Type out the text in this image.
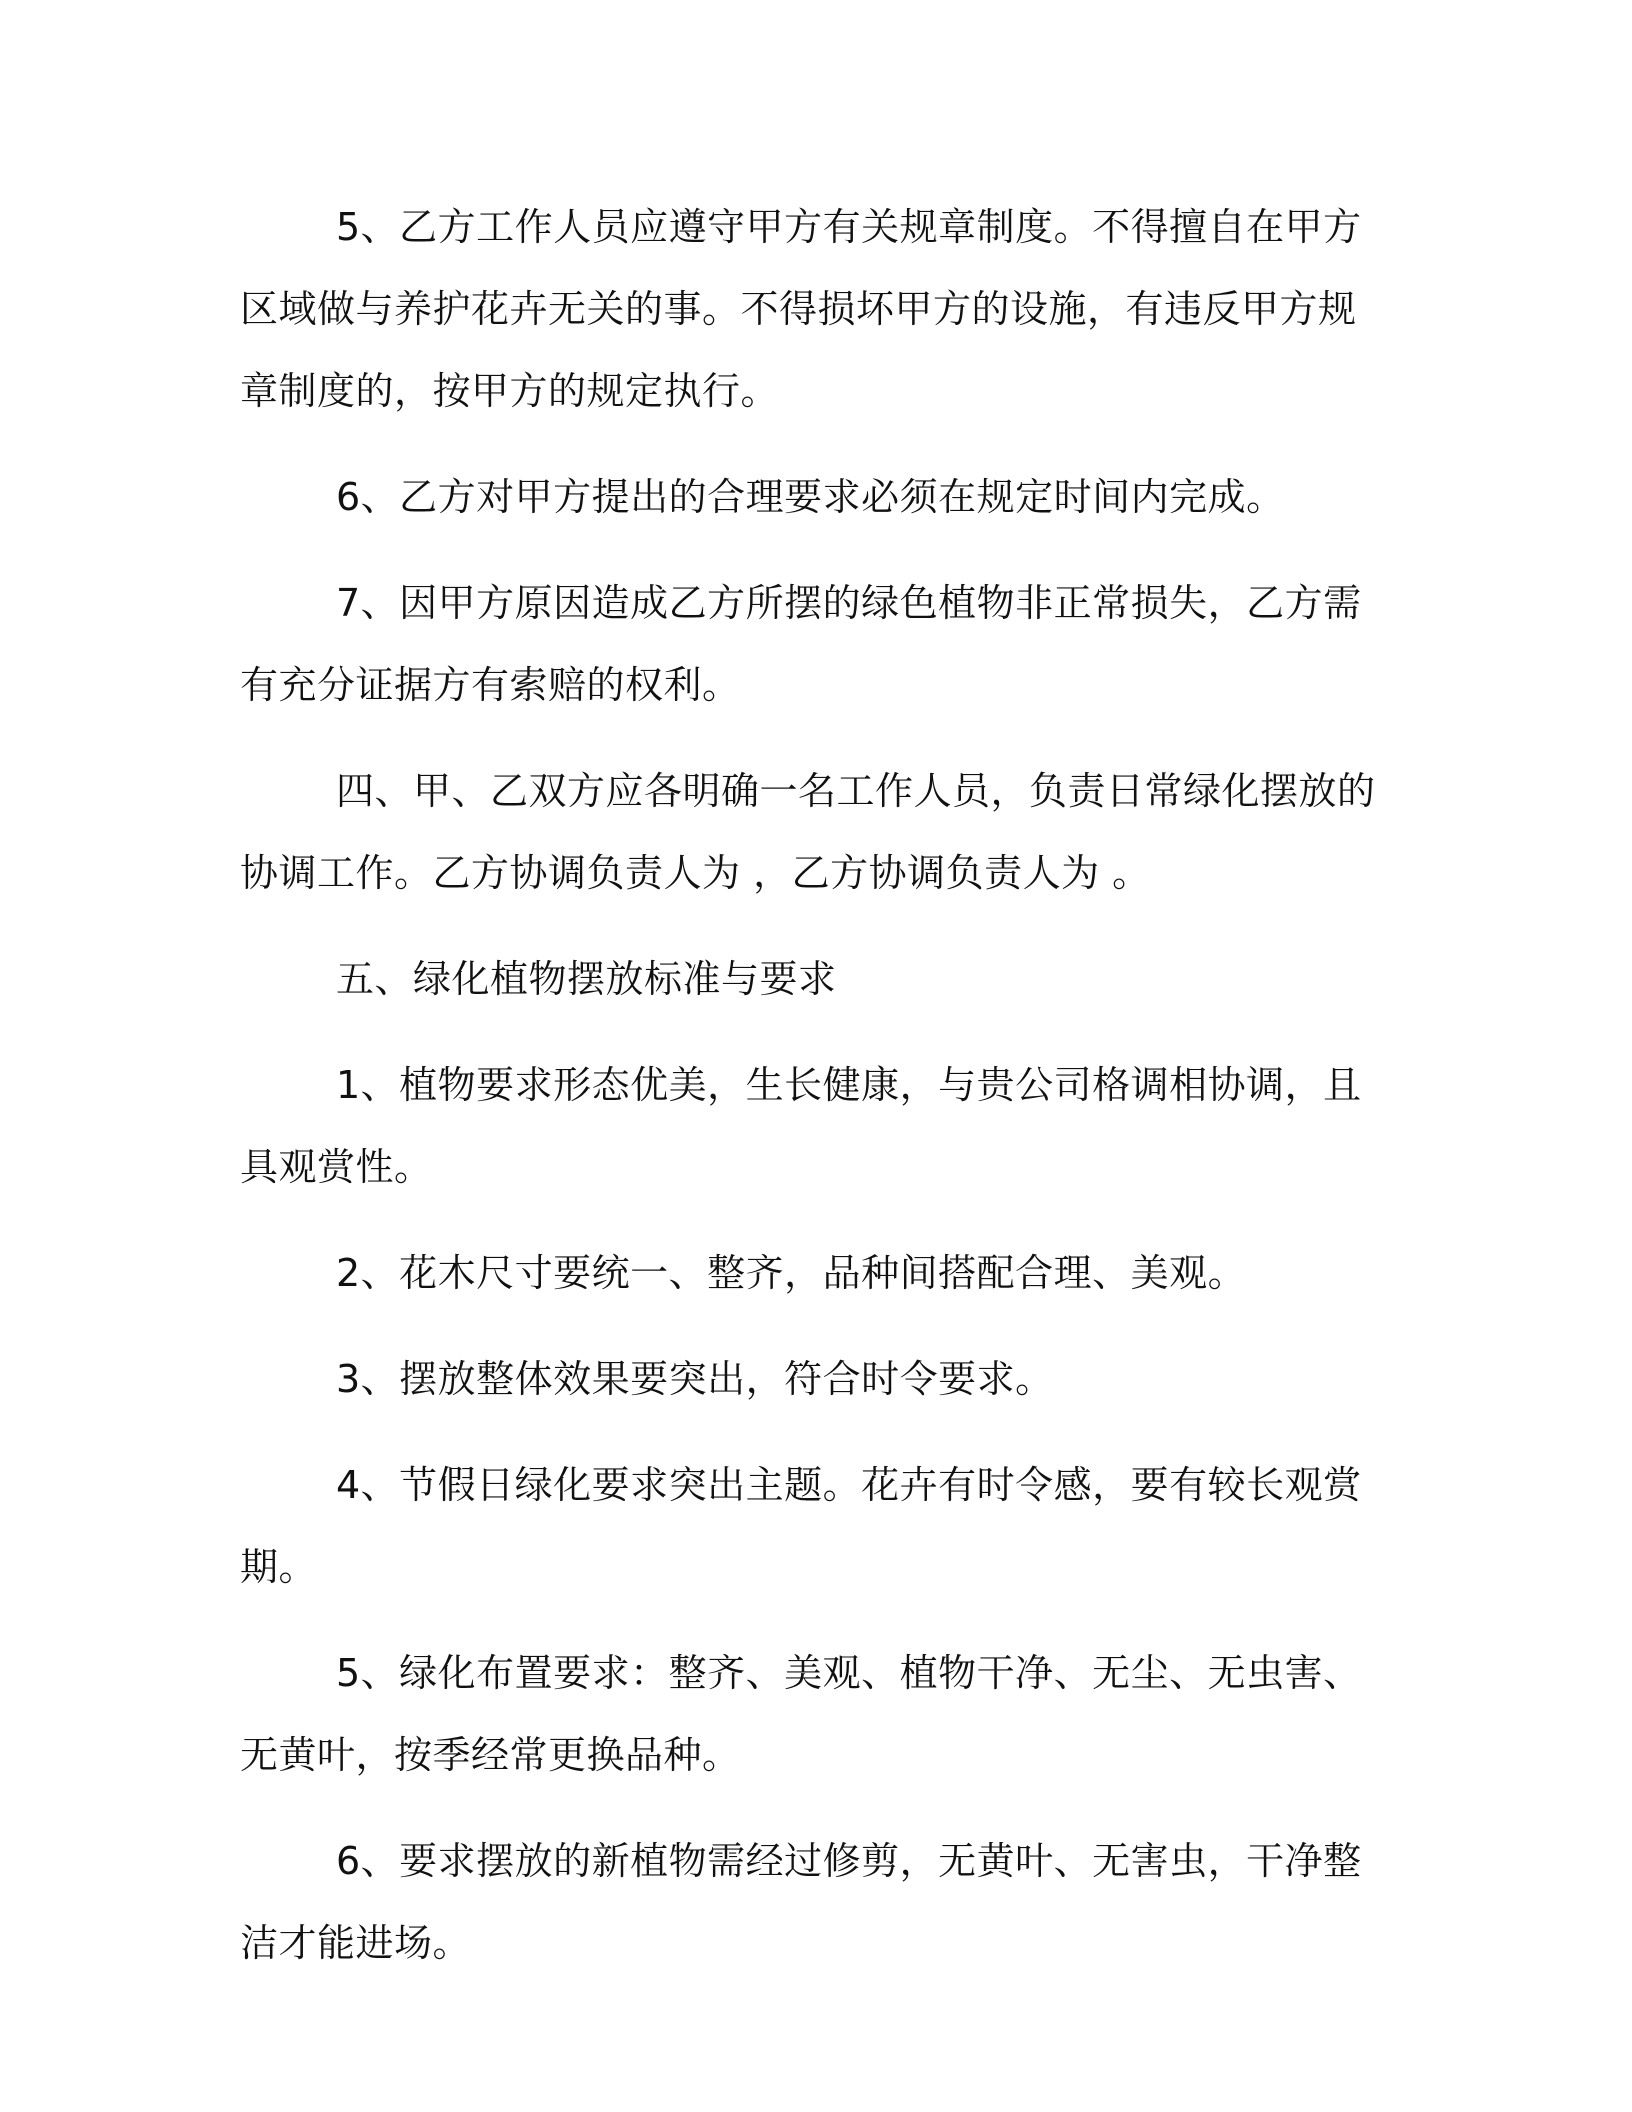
5、乙方工作人员应遵守甲方有关规章制度。不得擅自在甲方区域做与养护花卉无关的事。不得损坏甲方的设施，有违反甲方规章制度的，按甲方的规定执行。

6、乙方对甲方提出的合理要求必须在规定时间内完成。

7、因甲方原因造成乙方所摆的绿色植物非正常损失，乙方需有充分证据方有索赔的权利。

四、甲、乙双方应各明确一名工作人员，负责日常绿化摆放的协调工作。乙方协调负责人为 ，乙方协调负责人为 。

五、绿化植物摆放标准与要求

1、植物要求形态优美，生长健康，与贵公司格调相协调，且具观赏性。

2、花木尺寸要统一、整齐，品种间搭配合理、美观。

3、摆放整体效果要突出，符合时令要求。

4、节假日绿化要求突出主题。花卉有时令感，要有较长观赏期。

5、绿化布置要求：整齐、美观、植物干净、无尘、无虫害、无黄叶，按季经常更换品种。

6、要求摆放的新植物需经过修剪，无黄叶、无害虫，干净整洁才能进场。
